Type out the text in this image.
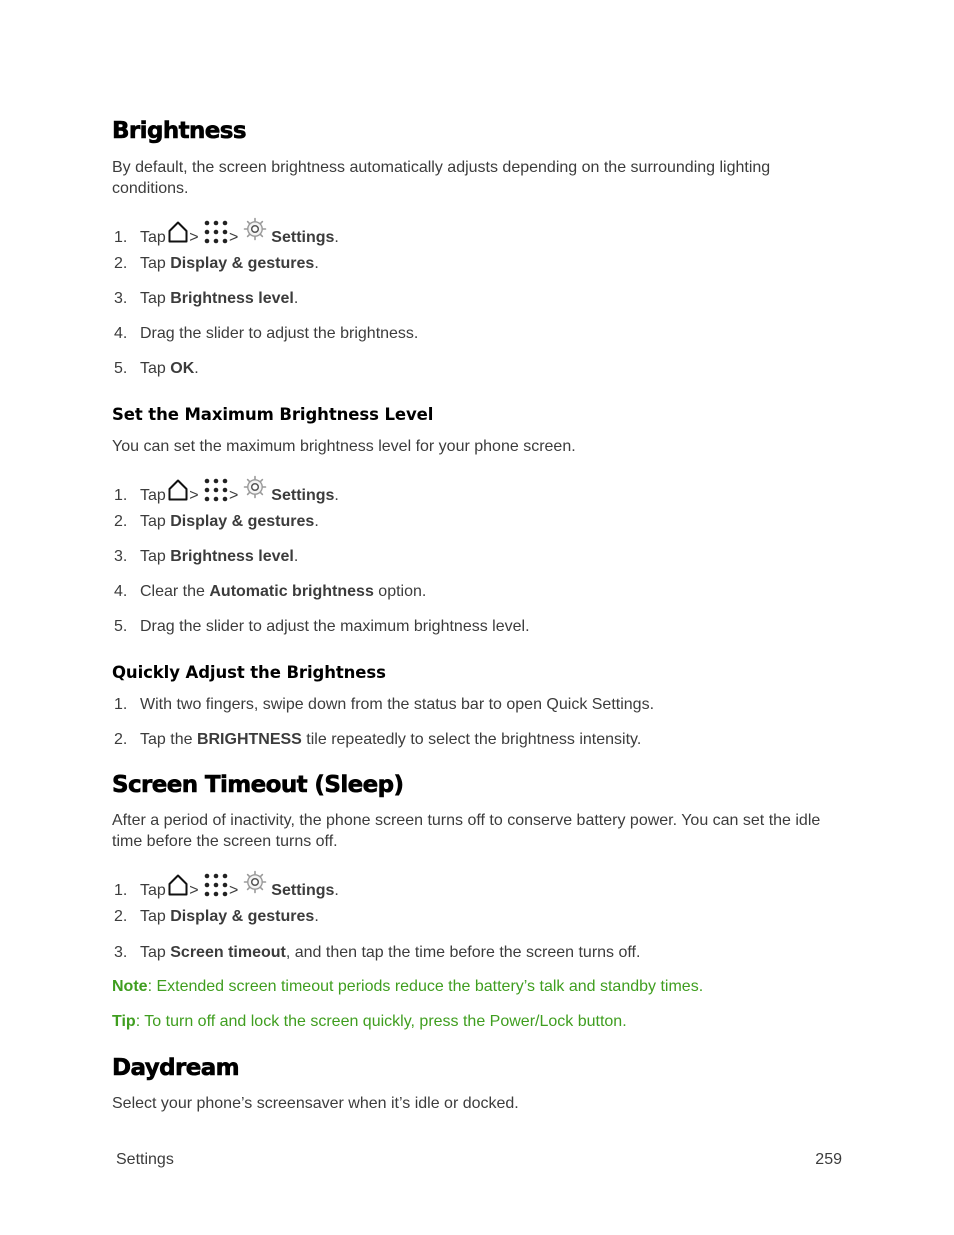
Brightness

By default, the screen brightness automatically adjusts depending on the surrounding lighting conditions.

1. Tap > > Settings.
2. Tap Display & gestures.
3. Tap Brightness level.
4. Drag the slider to adjust the brightness.
5. Tap OK.
Set the Maximum Brightness Level

You can set the maximum brightness level for your phone screen.

1. Tap > > Settings.
2. Tap Display & gestures.
3. Tap Brightness level.
4. Clear the Automatic brightness option.
5. Drag the slider to adjust the maximum brightness level.
Quickly Adjust the Brightness
1. With two fingers, swipe down from the status bar to open Quick Settings.
2. Tap the BRIGHTNESS tile repeatedly to select the brightness intensity.
Screen Timeout (Sleep)

After a period of inactivity, the phone screen turns off to conserve battery power. You can set the idle time before the screen turns off.

1. Tap > > Settings.
2. Tap Display & gestures.
3. Tap Screen timeout, and then tap the time before the screen turns off.
Note: Extended screen timeout periods reduce the battery’s talk and standby times.
Tip: To turn off and lock the screen quickly, press the Power/Lock button.
Daydream

Select your phone’s screensaver when it’s idle or docked.

Settings	259
